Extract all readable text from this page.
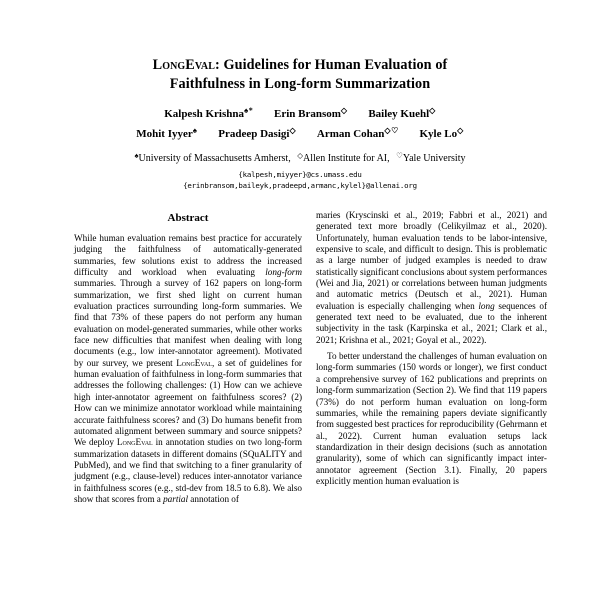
LongEval: Guidelines for Human Evaluation of
Faithfulness in Long-form Summarization
Kalpesh Krishna♠* Erin Bransom◇ Bailey Kuehl◇
Mohit Iyyer♠ Pradeep Dasigi◇ Arman Cohan◇♡ Kyle Lo◇
♠University of Massachusetts Amherst, ◇Allen Institute for AI, ♡Yale University
{kalpesh,miyyer}@cs.umass.edu
{erinbransom,baileyk,pradeepd,armanc,kylel}@allenai.org
Abstract

While human evaluation remains best practice for accurately judging the faithfulness of automatically-generated summaries, few solutions exist to address the increased difficulty and workload when evaluating long-form summaries. Through a survey of 162 papers on long-form summarization, we first shed light on current human evaluation practices surrounding long-form summaries. We find that 73% of these papers do not perform any human evaluation on model-generated summaries, while other works face new difficulties that manifest when dealing with long documents (e.g., low inter-annotator agreement). Motivated by our survey, we present LongEval, a set of guidelines for human evaluation of faithfulness in long-form summaries that addresses the following challenges: (1) How can we achieve high inter-annotator agreement on faithfulness scores? (2) How can we minimize annotator workload while maintaining accurate faithfulness scores? and (3) Do humans benefit from automated alignment between summary and source snippets? We deploy LongEval in annotation studies on two long-form summarization datasets in different domains (SQuALITY and PubMed), and we find that switching to a finer granularity of judgment (e.g., clause-level) reduces inter-annotator variance in faithfulness scores (e.g., std-dev from 18.5 to 6.8). We also show that scores from a partial annotation of

maries (Kryscinski et al., 2019; Fabbri et al., 2021) and generated text more broadly (Celikyilmaz et al., 2020). Unfortunately, human evaluation tends to be labor-intensive, expensive to scale, and difficult to design. This is problematic as a large number of judged examples is needed to draw statistically significant conclusions about system performances (Wei and Jia, 2021) or correlations between human judgments and automatic metrics (Deutsch et al., 2021). Human evaluation is especially challenging when long sequences of generated text need to be evaluated, due to the inherent subjectivity in the task (Karpinska et al., 2021; Clark et al., 2021; Krishna et al., 2021; Goyal et al., 2022).

To better understand the challenges of human evaluation on long-form summaries (150 words or longer), we first conduct a comprehensive survey of 162 publications and preprints on long-form summarization (Section 2). We find that 119 papers (73%) do not perform human evaluation on long-form summaries, while the remaining papers deviate significantly from suggested best practices for reproducibility (Gehrmann et al., 2022). Current human evaluation setups lack standardization in their design decisions (such as annotation granularity), some of which can significantly impact inter-annotator agreement (Section 3.1). Finally, 20 papers explicitly mention human evaluation is
